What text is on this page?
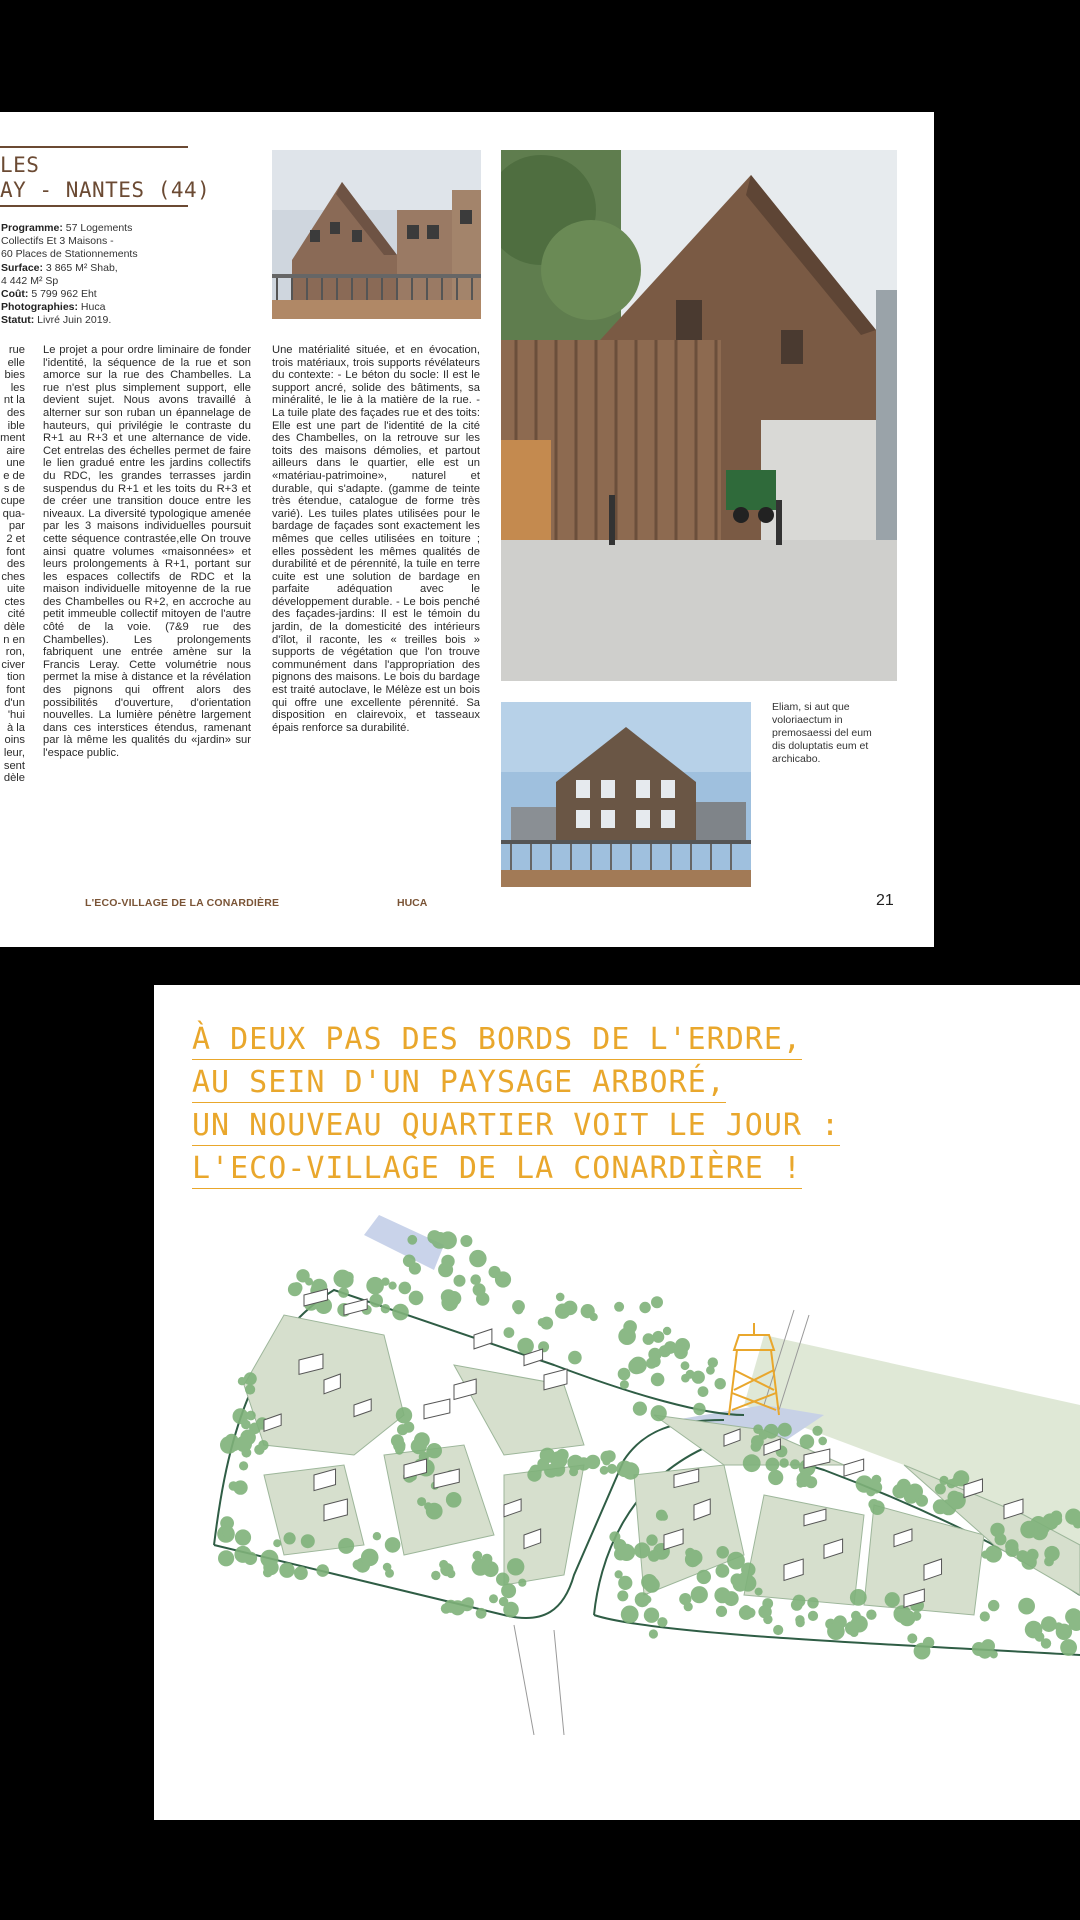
LES
AY - NANTES (44)
Programme: 57 Logements
Collectifs Et 3 Maisons -
60 Places de Stationnements
Surface: 3 865 M² Shab,
4 442 M² Sp
Coût: 5 799 962 Eht
Photographies: Huca
Statut: Livré Juin 2019.
rue
elle
bies
les
nt la
des
ible
ment
aire
une
e de
s de
cupe
qua-
par
2 et
font
des
ches
uite
ctes
cité
dèle
n en
ron,
civer
tion
font
d'un
'hui
à la
oins
leur,
sent
dèle
Le projet a pour ordre liminaire de fonder l'identité, la séquence de la rue et son amorce sur la rue des Chambelles. La rue n'est plus simplement support, elle devient sujet. Nous avons travaillé à alterner sur son ruban un épannelage de hauteurs, qui privilégie le contraste du R+1 au R+3 et une alternance de vide. Cet entrelas des échelles permet de faire le lien gradué entre les jardins collectifs du RDC, les grandes terrasses jardin suspendus du R+1 et les toits du R+3 et de créer une transition douce entre les niveaux. La diversité typologique amenée par les 3 maisons individuelles poursuit cette séquence contrastée,elle On trouve ainsi quatre volumes «maisonnées» et leurs prolongements à R+1, portant sur les espaces collectifs de RDC et la maison individuelle mitoyenne de la rue des Chambelles ou R+2, en accroche au petit immeuble collectif mitoyen de l'autre côté de la voie. (7&9 rue des Chambelles). Les prolongements fabriquent une entrée amène sur la Francis Leray. Cette volumétrie nous permet la mise à distance et la révélation des pignons qui offrent alors des possibilités d'ouverture, d'orientation nouvelles. La lumière pénètre largement dans ces interstices étendus, ramenant par là même les qualités du «jardin» sur l'espace public.
Une matérialité située, et en évocation, trois matériaux, trois supports révélateurs du contexte: - Le béton du socle: Il est le support ancré, solide des bâtiments, sa minéralité, le lie à la matière de la rue. - La tuile plate des façades rue et des toits: Elle est une part de l'identité de la cité des Chambelles, on la retrouve sur les toits des maisons démolies, et partout ailleurs dans le quartier, elle est un «matériau-patrimoine», naturel et durable, qui s'adapte. (gamme de teinte très étendue, catalogue de forme très varié). Les tuiles plates utilisées pour le bardage de façades sont exactement les mêmes que celles utilisées en toiture ; elles possèdent les mêmes qualités de durabilité et de pérennité, la tuile en terre cuite est une solution de bardage en parfaite adéquation avec le développement durable. - Le bois penché des façades-jardins: Il est le témoin du jardin, de la domesticité des intérieurs d'îlot, il raconte, les « treilles bois » supports de végétation que l'on trouve communément dans l'appropriation des pignons des maisons. Le bois du bardage est traité autoclave, le Mélèze est un bois qui offre une excellente pérennité. Sa disposition en clairevoix, et tasseaux épais renforce sa durabilité.
Eliam, si aut que voloriaectum in premosaessi del eum dis doluptatis eum et archicabo.
L'ECO-VILLAGE DE LA CONARDIÈRE	HUCA	21
À DEUX PAS DES BORDS DE L'ERDRE,
AU SEIN D'UN PAYSAGE ARBORÉ,
UN NOUVEAU QUARTIER VOIT LE JOUR :
L'ECO-VILLAGE DE LA CONARDIÈRE !
